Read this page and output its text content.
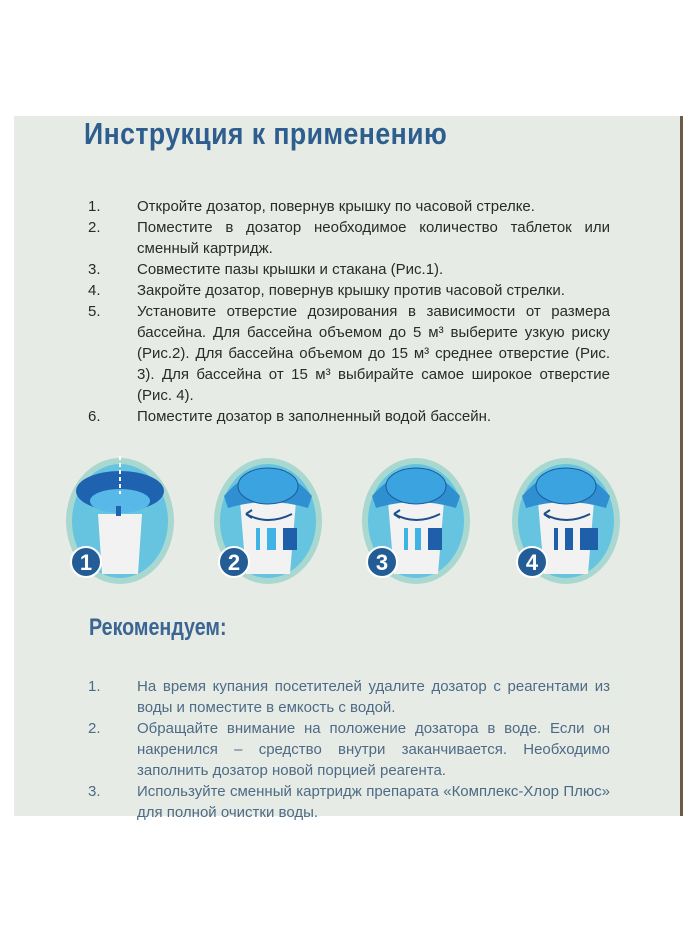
Инструкция к применению
1. Откройте дозатор, повернув крышку по часовой стрелке.
2. Поместите в дозатор необходимое количество таблеток или сменный картридж.
3. Совместите пазы крышки и стакана (Рис.1).
4. Закройте дозатор, повернув крышку против часовой стрелки.
5. Установите отверстие дозирования в зависимости от размера бассейна. Для бассейна объемом до 5 м³ выберите узкую риску (Рис.2). Для бассейна объемом до 15 м³ среднее отверстие (Рис. 3). Для бассейна от 15 м³ выбирайте самое широкое отверстие (Рис. 4).
6. Поместите дозатор в заполненный водой бассейн.
1	2	3	4
Рекомендуем:
1. На время купания посетителей удалите дозатор с реагентами из воды и поместите в емкость с водой.
2. Обращайте внимание на положение дозатора в воде. Если он накренился – средство внутри заканчивается. Необходимо заполнить дозатор новой порцией реагента.
3. Используйте сменный картридж препарата «Комплекс-Хлор Плюс» для полной очистки воды.
